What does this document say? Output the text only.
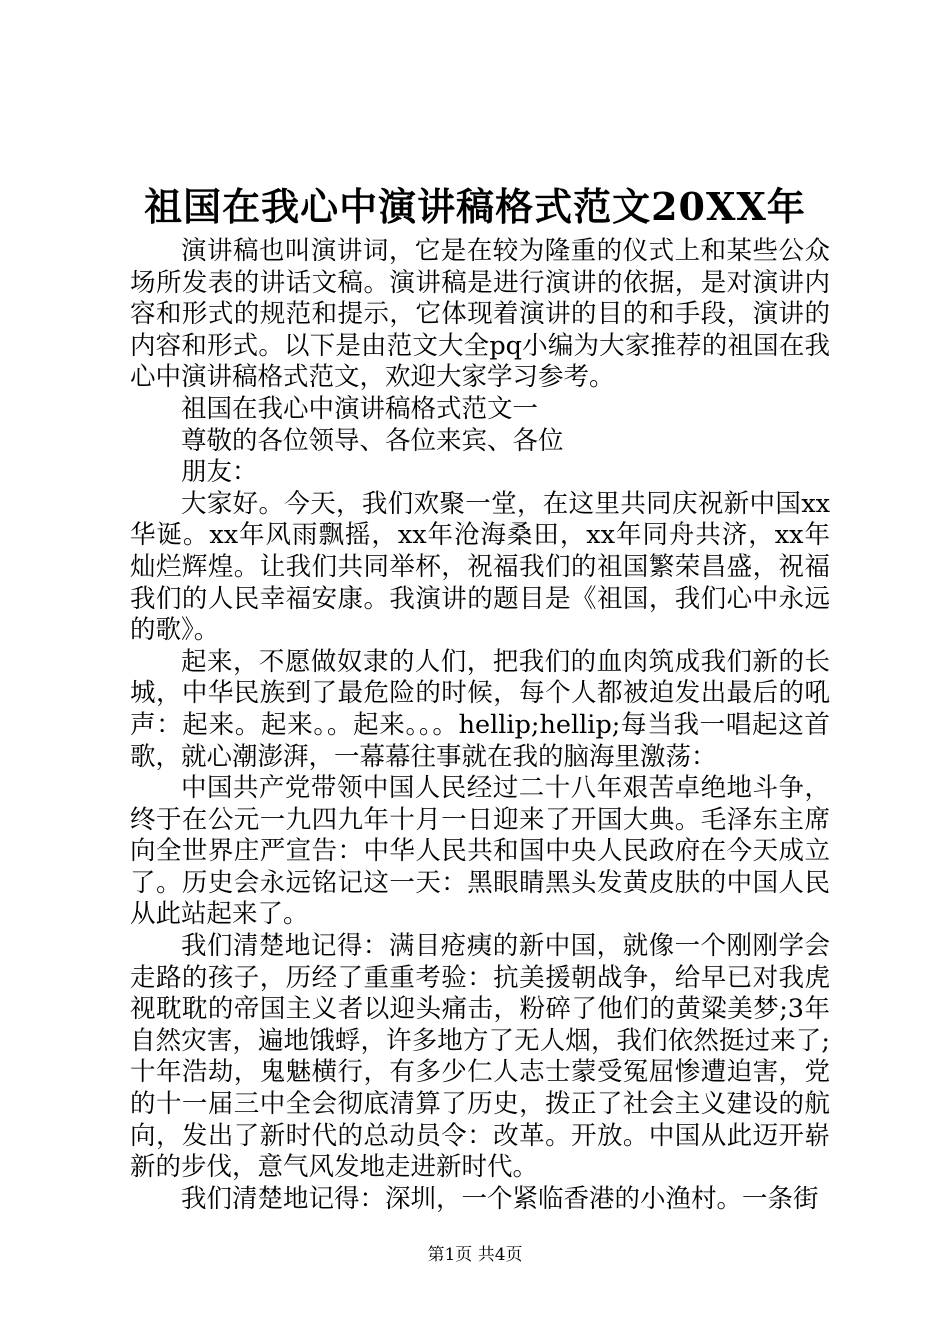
祖国在我心中演讲稿格式范文20XX年

演讲稿也叫演讲词，它是在较为隆重的仪式上和某些公众场所发表的讲话文稿。演讲稿是进行演讲的依据，是对演讲内容和形式的规范和提示，它体现着演讲的目的和手段，演讲的内容和形式。以下是由范文大全pq小编为大家推荐的祖国在我心中演讲稿格式范文，欢迎大家学习参考。

祖国在我心中演讲稿格式范文一

尊敬的各位领导、各位来宾、各位

朋友：

大家好。今天，我们欢聚一堂，在这里共同庆祝新中国xx华诞。xx年风雨飘摇，xx年沧海桑田，xx年同舟共济，xx年灿烂辉煌。让我们共同举杯，祝福我们的祖国繁荣昌盛，祝福我们的人民幸福安康。我演讲的题目是《祖国，我们心中永远的歌》。

起来，不愿做奴隶的人们，把我们的血肉筑成我们新的长城，中华民族到了最危险的时候，每个人都被迫发出最后的吼声：起来。起来。。起来。。。hellip;hellip;每当我一唱起这首歌，就心潮澎湃，一幕幕往事就在我的脑海里激荡：

中国共产党带领中国人民经过二十八年艰苦卓绝地斗争，终于在公元一九四九年十月一日迎来了开国大典。毛泽东主席向全世界庄严宣告：中华人民共和国中央人民政府在今天成立了。历史会永远铭记这一天：黑眼睛黑头发黄皮肤的中国人民从此站起来了。

我们清楚地记得：满目疮痍的新中国，就像一个刚刚学会走路的孩子，历经了重重考验：抗美援朝战争，给早已对我虎视耽耽的帝国主义者以迎头痛击，粉碎了他们的黄粱美梦;3年自然灾害，遍地饿蜉，许多地方了无人烟，我们依然挺过来了;十年浩劫，鬼魅横行，有多少仁人志士蒙受冤屈惨遭迫害，党的十一届三中全会彻底清算了历史，拨正了社会主义建设的航向，发出了新时代的总动员令：改革。开放。中国从此迈开崭新的步伐，意气风发地走进新时代。

我们清楚地记得：深圳，一个紧临香港的小渔村。一条街

第1页 共4页
